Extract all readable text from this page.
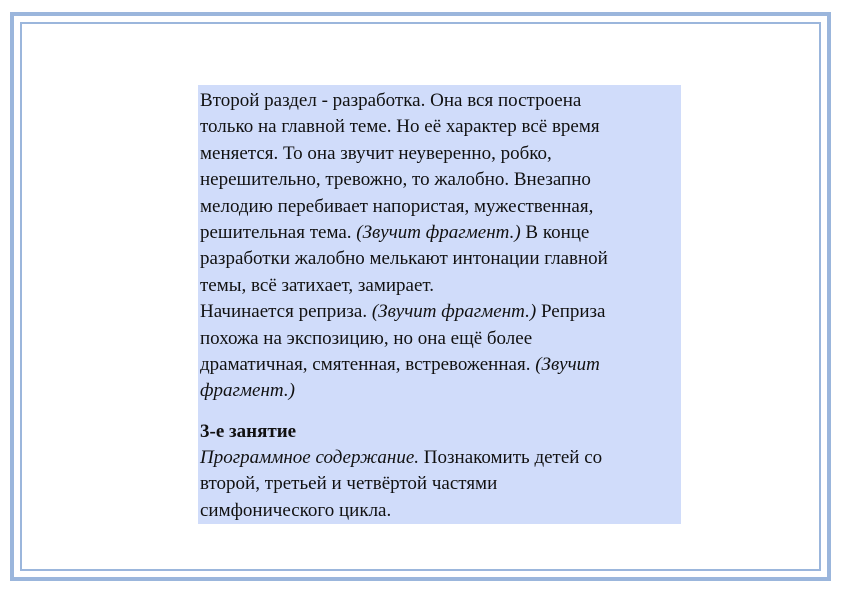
Второй раздел - разработка. Она вся построена
только на главной теме. Но её характер всё время
меняется. То она звучит неуверенно, робко,
нерешительно, тревожно, то жалобно. Внезапно
мелодию перебивает напористая, мужественная,
решительная тема. (Звучит фрагмент.) В конце
разработки жалобно мелькают интонации главной
темы, всё затихает, замирает.
Начинается реприза. (Звучит фрагмент.) Реприза
похожа на экспозицию, но она ещё более
драматичная, смятенная, встревоженная. (Звучит
фрагмент.)
3-е занятие
Программное содержание. Познакомить детей со
второй, третьей и четвёртой частями
симфонического цикла.
